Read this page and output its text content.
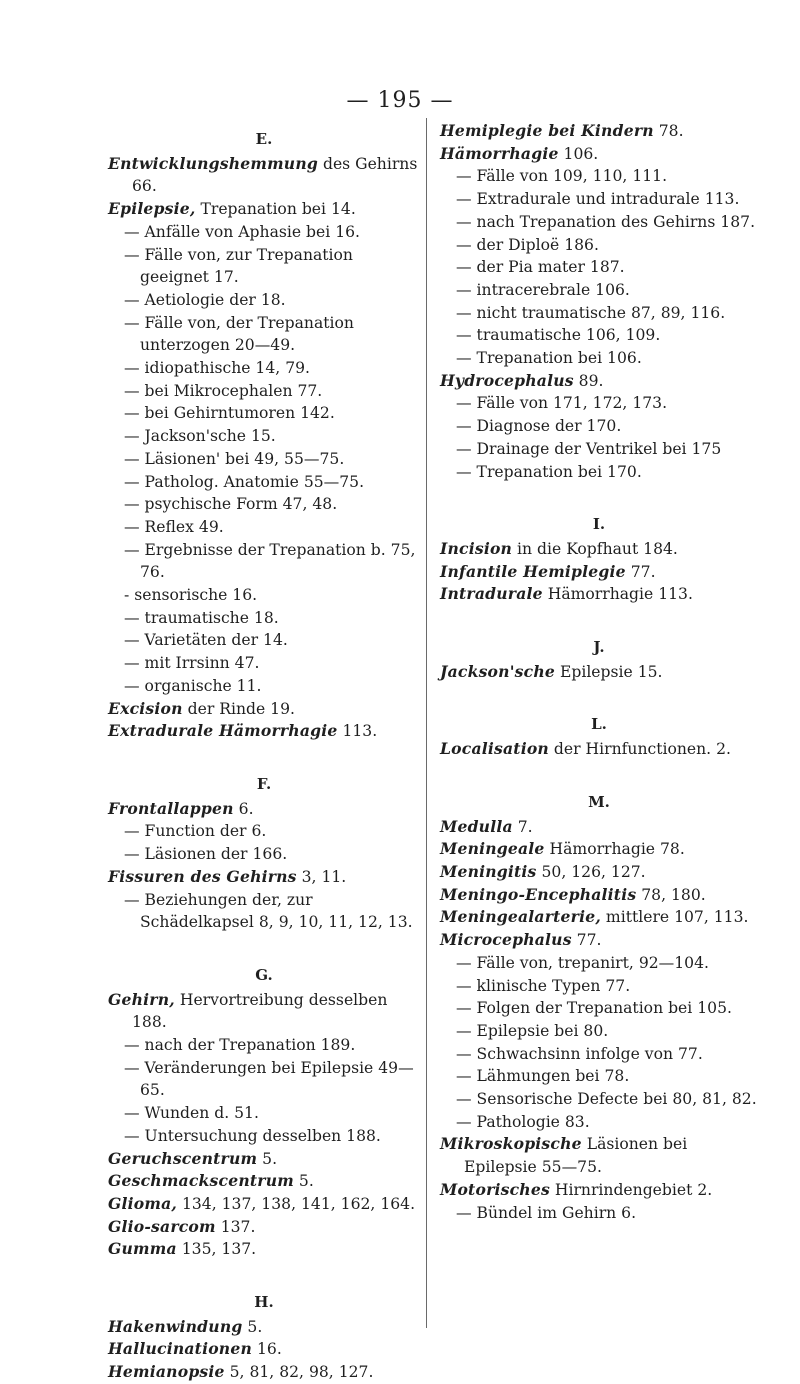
— 195 —
E.
Entwicklungshemmung des Gehirns 66.
Epilepsie, Trepanation bei 14.
— Anfälle von Aphasie bei 16.
— Fälle von, zur Trepanation geeignet 17.
— Aetiologie der 18.
— Fälle von, der Trepanation unterzogen 20—49.
— idiopathische 14, 79.
— bei Mikrocephalen 77.
— bei Gehirntumoren 142.
— Jackson'sche 15.
— Läsionen' bei 49, 55—75.
— Patholog. Anatomie 55—75.
— psychische Form 47, 48.
— Reflex 49.
— Ergebnisse der Trepanation b. 75, 76.
- sensorische 16.
— traumatische 18.
— Varietäten der 14.
— mit Irrsinn 47.
— organische 11.
Excision der Rinde 19.
Extradurale Hämorrhagie 113.
F.
Frontallappen 6.
— Function der 6.
— Läsionen der 166.
Fissuren des Gehirns 3, 11.
— Beziehungen der, zur Schädelkapsel 8, 9, 10, 11, 12, 13.
G.
Gehirn, Hervortreibung desselben 188.
— nach der Trepanation 189.
— Veränderungen bei Epilepsie 49—65.
— Wunden d. 51.
— Untersuchung desselben 188.
Geruchscentrum 5.
Geschmackscentrum 5.
Glioma, 134, 137, 138, 141, 162, 164.
Glio-sarcom 137.
Gumma 135, 137.
H.
Hakenwindung 5.
Hallucinationen 16.
Hemianopsie 5, 81, 82, 98, 127.
Hemiplegie bei Kindern 78.
Hämorrhagie 106.
— Fälle von 109, 110, 111.
— Extradurale und intradurale 113.
— nach Trepanation des Gehirns 187.
— der Diploë 186.
— der Pia mater 187.
— intracerebrale 106.
— nicht traumatische 87, 89, 116.
— traumatische 106, 109.
— Trepanation bei 106.
Hydrocephalus 89.
— Fälle von 171, 172, 173.
— Diagnose der 170.
— Drainage der Ventrikel bei 175
— Trepanation bei 170.
I.
Incision in die Kopfhaut 184.
Infantile Hemiplegie 77.
Intradurale Hämorrhagie 113.
J.
Jackson'sche Epilepsie 15.
L.
Localisation der Hirnfunctionen. 2.
M.
Medulla 7.
Meningeale Hämorrhagie 78.
Meningitis 50, 126, 127.
Meningo-Encephalitis 78, 180.
Meningealarterie, mittlere 107, 113.
Microcephalus 77.
— Fälle von, trepanirt, 92—104.
— klinische Typen 77.
— Folgen der Trepanation bei 105.
— Epilepsie bei 80.
— Schwachsinn infolge von 77.
— Lähmungen bei 78.
— Sensorische Defecte bei 80, 81, 82.
— Pathologie 83.
Mikroskopische Läsionen bei Epilepsie 55—75.
Motorisches Hirnrindengebiet 2.
— Bündel im Gehirn 6.
